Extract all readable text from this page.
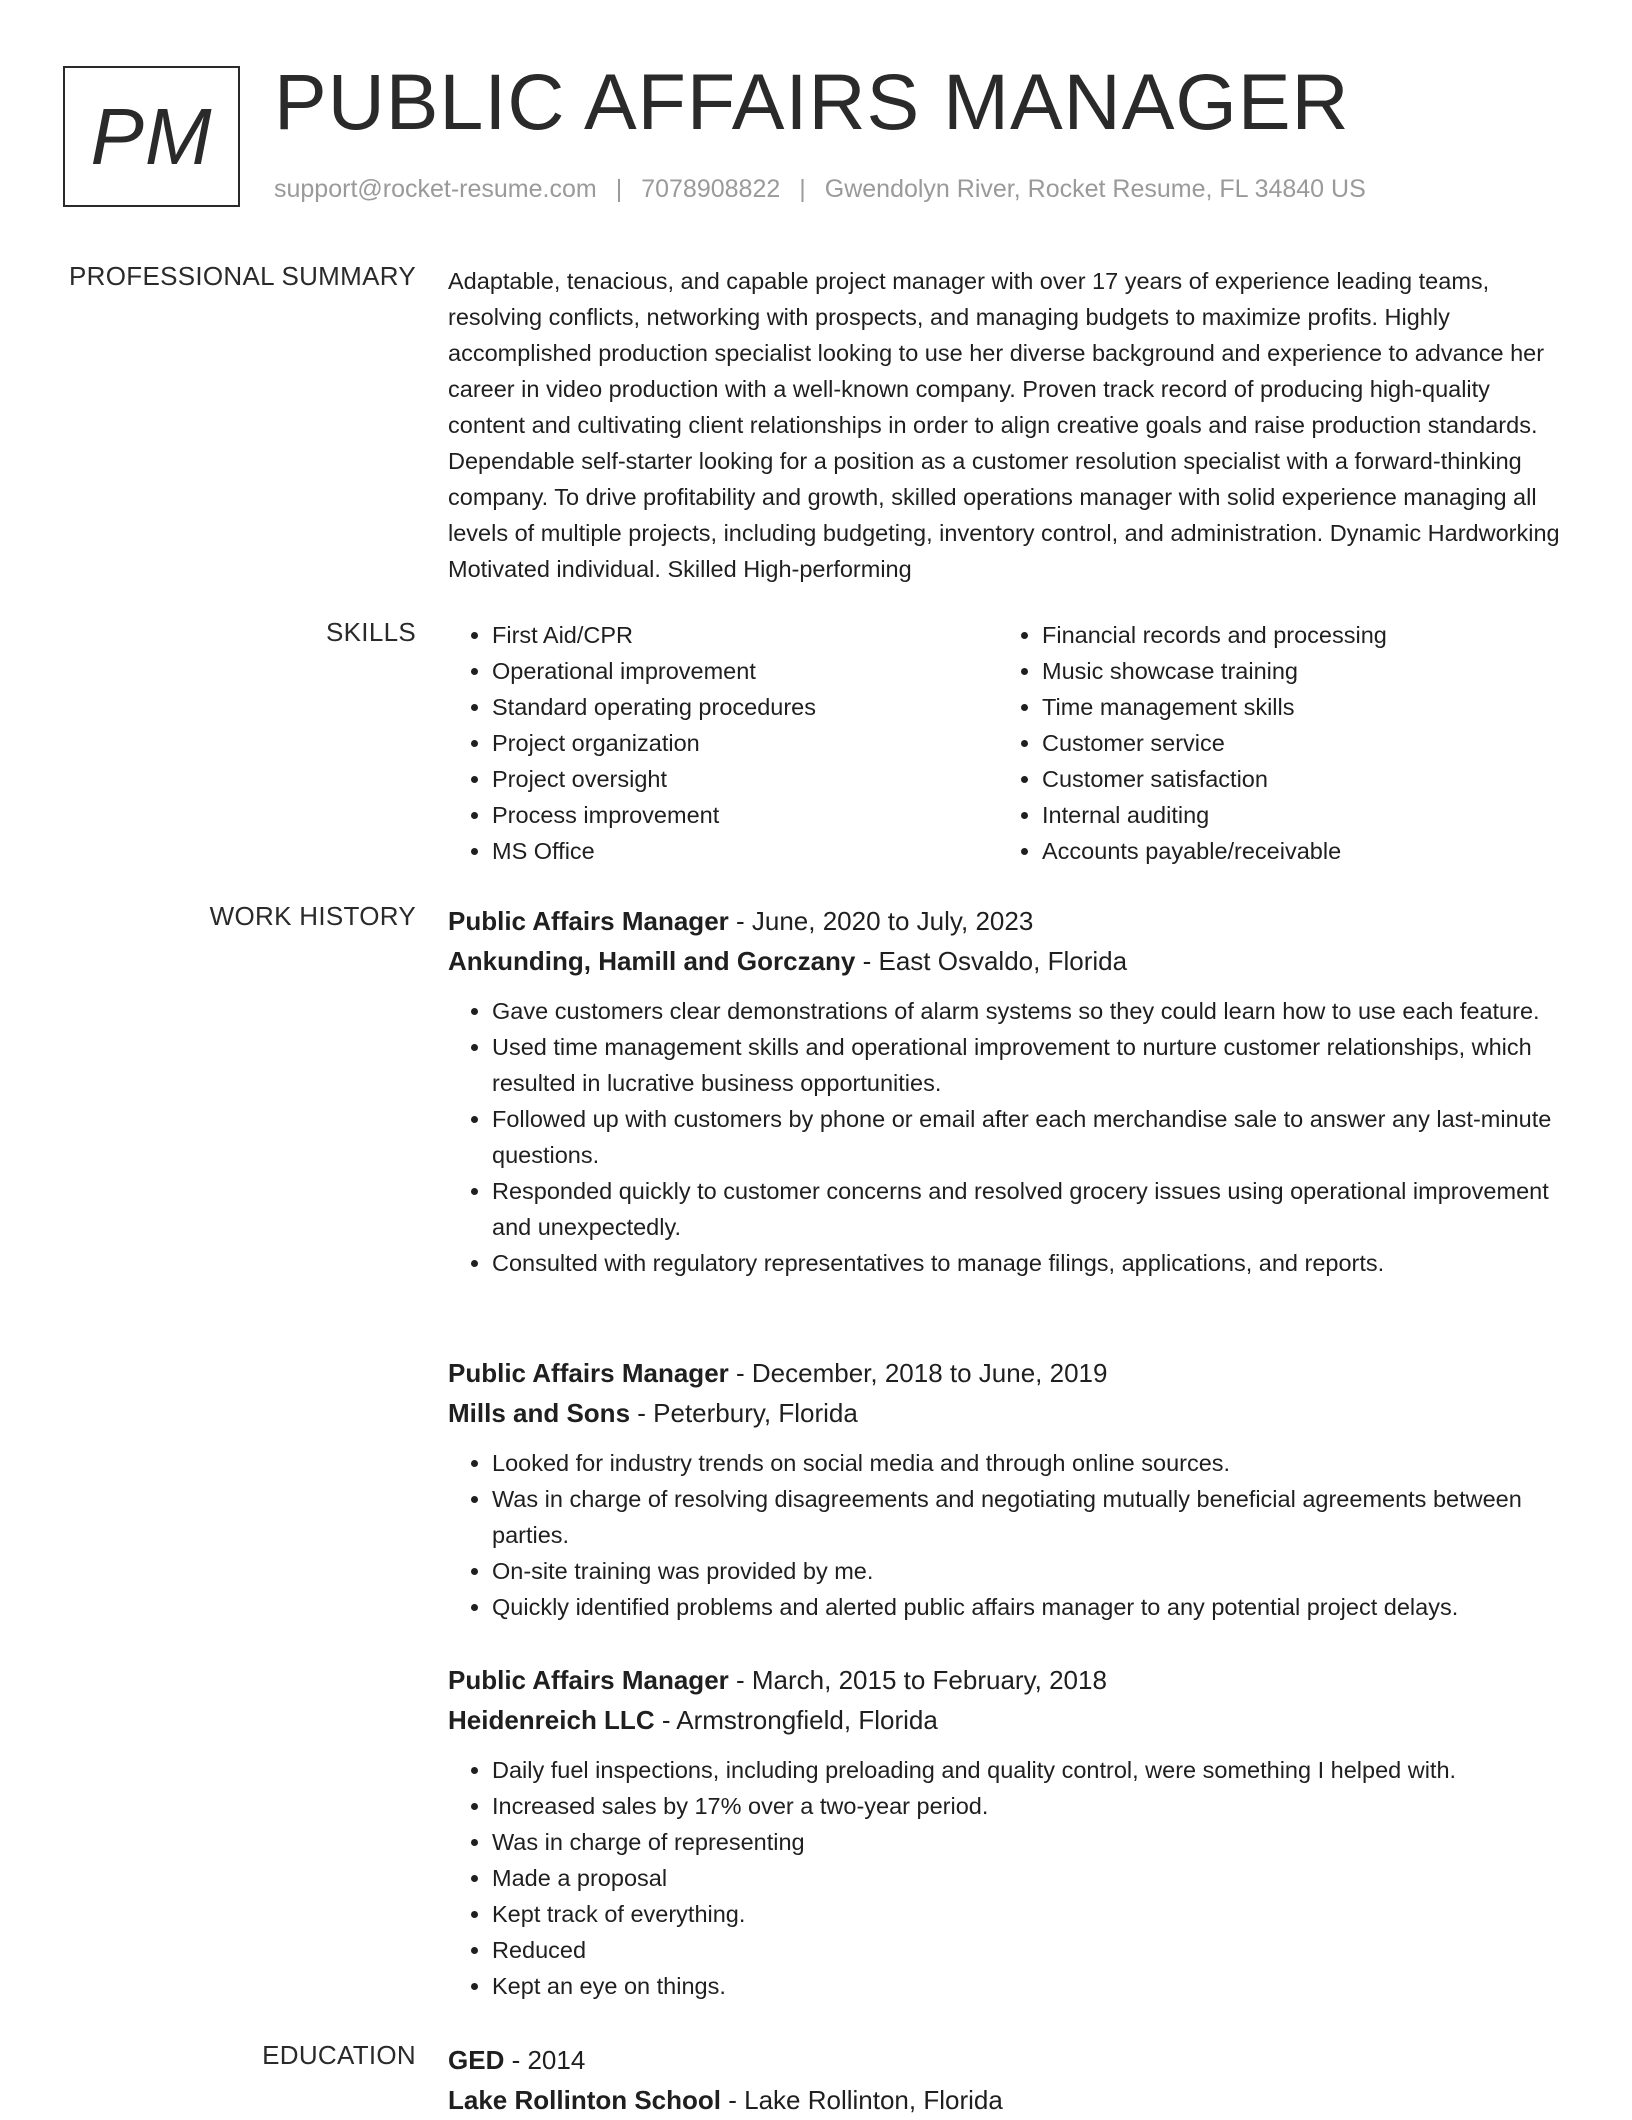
PM PUBLIC AFFAIRS MANAGER
support@rocket-resume.com | 7078908822 | Gwendolyn River, Rocket Resume, FL 34840 US
PROFESSIONAL SUMMARY Adaptable, tenacious, and capable project manager with over 17 years of experience leading teams, resolving conflicts, networking with prospects, and managing budgets to maximize profits. Highly accomplished production specialist looking to use her diverse background and experience to advance her career in video production with a well-known company. Proven track record of producing high-quality content and cultivating client relationships in order to align creative goals and raise production standards. Dependable self-starter looking for a position as a customer resolution specialist with a forward-thinking company. To drive profitability and growth, skilled operations manager with solid experience managing all levels of multiple projects, including budgeting, inventory control, and administration. Dynamic Hardworking Motivated individual. Skilled High-performing

SKILLS
•	First Aid/CPR
• Operational improvement
• Standard operating procedures
• Project organization
• Project oversight
• Process improvement
• MS Office
• Financial records and processing
• Music showcase training
• Time management skills
• Customer service
• Customer satisfaction
• Internal auditing
• Accounts payable/receivable
WORK HISTORY Public Affairs Manager - June, 2020 to July, 2023
Ankunding, Hamill and Gorczany - East Osvaldo, Florida
• Gave customers clear demonstrations of alarm systems so they could learn how to use each feature.
• Used time management skills and operational improvement to nurture customer relationships, which resulted in lucrative business opportunities.
• Followed up with customers by phone or email after each merchandise sale to answer any last-minute questions.
• Responded quickly to customer concerns and resolved grocery issues using operational improvement and unexpectedly.
• Consulted with regulatory representatives to manage filings, applications, and reports.
Public Affairs Manager - December, 2018 to June, 2019
Mills and Sons - Peterbury, Florida
• Looked for industry trends on social media and through online sources.
• Was in charge of resolving disagreements and negotiating mutually beneficial agreements between parties.
• On-site training was provided by me.
• Quickly identified problems and alerted public affairs manager to any potential project delays.
Public Affairs Manager - March, 2015 to February, 2018
Heidenreich LLC - Armstrongfield, Florida
• Daily fuel inspections, including preloading and quality control, were something I helped with.
• Increased sales by 17% over a two-year period.
• Was in charge of representing
• Made a proposal
• Kept track of everything.
• Reduced
• Kept an eye on things.
EDUCATION GED - 2014
Lake Rollinton School - Lake Rollinton, Florida
